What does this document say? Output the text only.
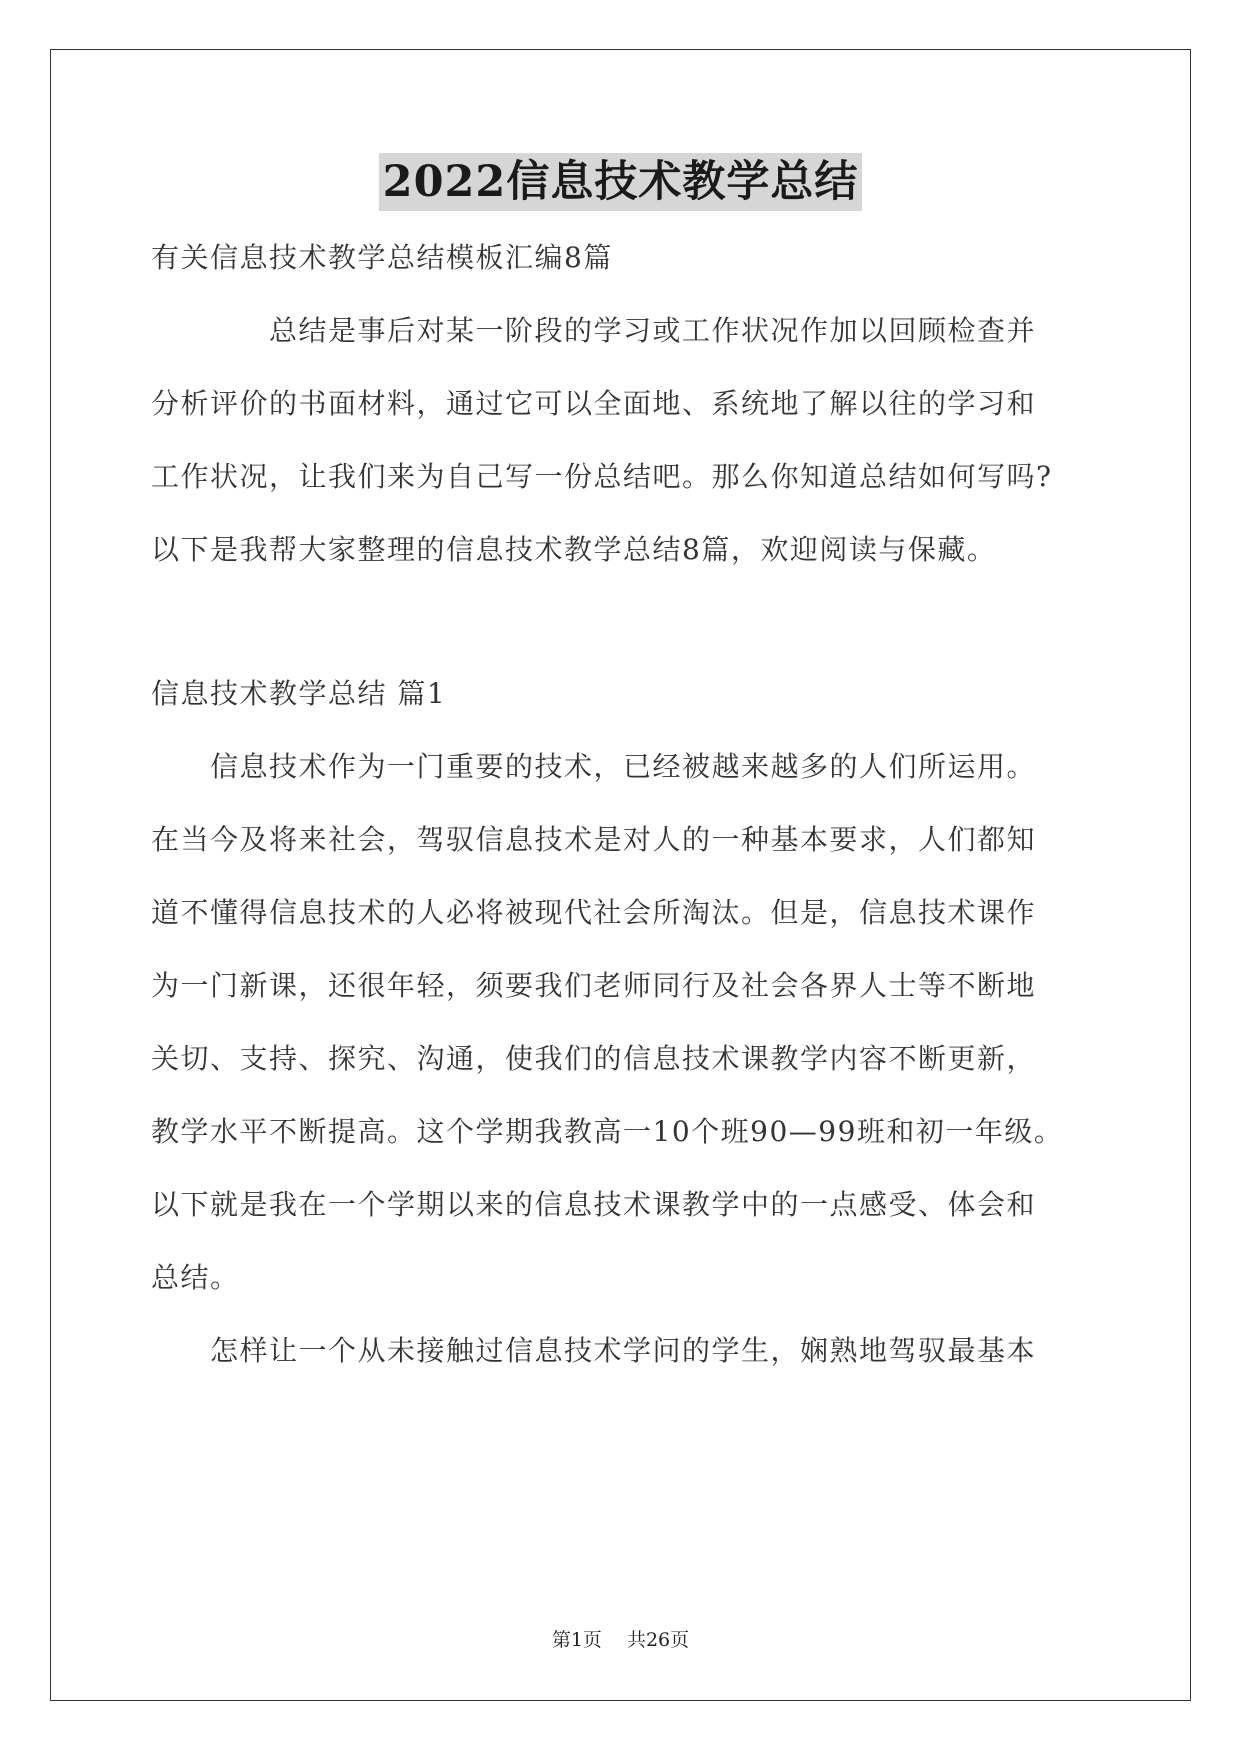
2022信息技术教学总结
有关信息技术教学总结模板汇编8篇
　　　　总结是事后对某一阶段的学习或工作状况作加以回顾检查并
分析评价的书面材料，通过它可以全面地、系统地了解以往的学习和
工作状况，让我们来为自己写一份总结吧。那么你知道总结如何写吗?
以下是我帮大家整理的信息技术教学总结8篇，欢迎阅读与保藏。
信息技术教学总结 篇1
　　信息技术作为一门重要的技术，已经被越来越多的人们所运用。
在当今及将来社会，驾驭信息技术是对人的一种基本要求，人们都知
道不懂得信息技术的人必将被现代社会所淘汰。但是，信息技术课作
为一门新课，还很年轻，须要我们老师同行及社会各界人士等不断地
关切、支持、探究、沟通，使我们的信息技术课教学内容不断更新，
教学水平不断提高。这个学期我教高一10个班90—99班和初一年级。
以下就是我在一个学期以来的信息技术课教学中的一点感受、体会和
总结。
　　怎样让一个从未接触过信息技术学问的学生，娴熟地驾驭最基本
第1页　 共26页
